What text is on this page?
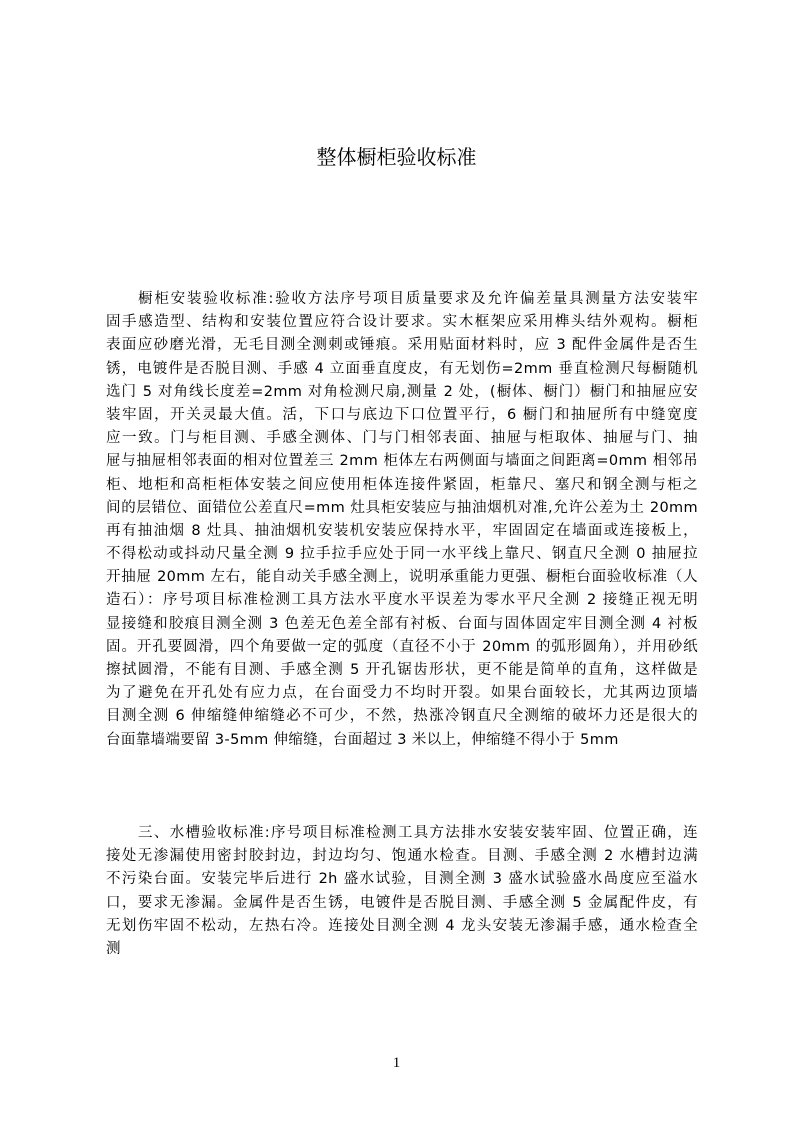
整体橱柜验收标准
橱柜安装验收标准:验收方法序号项目质量要求及允许偏差量具测量方法安装牢
固手感造型、结构和安装位置应符合设计要求。实木框架应采用榫头结外观构。橱柜
表面应砂磨光滑，无毛目测全测刺或锤痕。采用贴面材料时，应 3 配件金属件是否生
锈，电镀件是否脱目测、手感 4 立面垂直度皮，有无划伤=2mm 垂直检测尺每橱随机
选门 5 对角线长度差=2mm 对角检测尺扇,测量 2 处，(橱体、橱门）橱门和抽屉应安
装牢固，开关灵最大值。活，下口与底边下口位置平行，6 橱门和抽屉所有中缝宽度
应一致。门与柜目测、手感全测体、门与门相邻表面、抽屉与柜取体、抽屉与门、抽
屉与抽屉相邻表面的相对位置差三 2mm 柜体左右两侧面与墙面之间距离=0mm 相邻吊
柜、地柜和高柜柜体安装之间应使用柜体连接件紧固，柜靠尺、塞尺和钢全测与柜之
间的层错位、面错位公差直尺=mm 灶具柜安装应与抽油烟机对准,允许公差为土 20mm
再有抽油烟 8 灶具、抽油烟机安装机安装应保持水平，牢固固定在墙面或连接板上，
不得松动或抖动尺量全测 9 拉手拉手应处于同一水平线上靠尺、钢直尺全测 0 抽屉拉
开抽屉 20mm 左右，能自动关手感全测上，说明承重能力更强、橱柜台面验收标准（人
造石）：序号项目标准检测工具方法水平度水平误差为零水平尺全测 2 接缝正视无明
显接缝和胶痕目测全测 3 色差无色差全部有衬板、台面与固体固定牢目测全测 4 衬板
固。开孔要圆滑，四个角要做一定的弧度（直径不小于 20mm 的弧形圆角），并用砂纸
擦拭圆滑，不能有目测、手感全测 5 开孔锯齿形状，更不能是简单的直角，这样做是
为了避免在开孔处有应力点，在台面受力不均时开裂。如果台面较长，尤其两边顶墙
目测全测 6 伸缩缝伸缩缝必不可少，不然，热涨冷钢直尺全测缩的破坏力还是很大的
台面靠墙端要留 3-5mm 伸缩缝，台面超过 3 米以上，伸缩缝不得小于 5mm
三、水槽验收标准:序号项目标准检测工具方法排水安装安装牢固、位置正确，连
接处无渗漏使用密封胶封边，封边均匀、饱通水检查。目测、手感全测 2 水槽封边满
不污染台面。安装完毕后进行 2h 盛水试验，目测全测 3 盛水试验盛水咼度应至溢水
口，要求无渗漏。金属件是否生锈，电镀件是否脱目测、手感全测 5 金属配件皮，有
无划伤牢固不松动，左热右冷。连接处目测全测 4 龙头安装无渗漏手感，通水检查全
测
1
